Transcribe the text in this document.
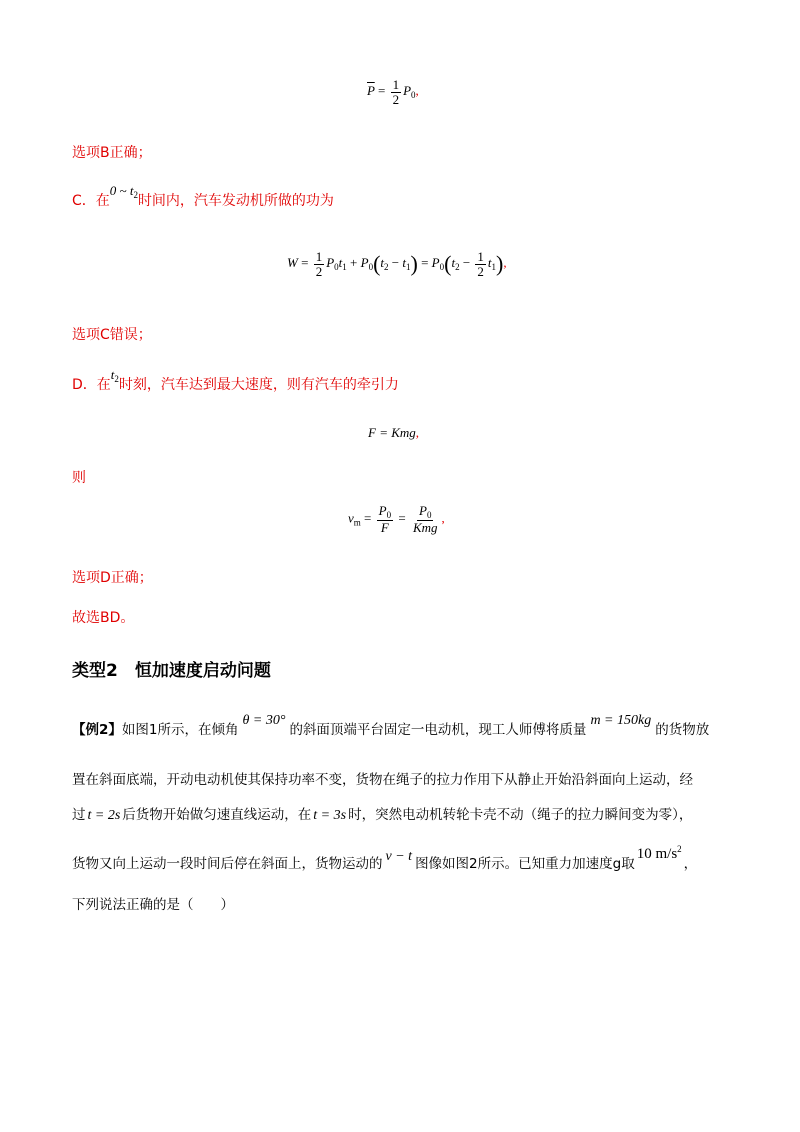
$\overline{P} = \frac{1}{2} P_0$,
选项B正确；
C．在0 ~ $t_2$时间内，汽车发动机所做的功为
$W = \frac{1}{2} P_0t_1 + P_0(t_2 - t_1) = P_0(t_2 - \frac{1}{2} t_1)$,
选项C错误；
D．在$t_2$时刻，汽车达到最大速度，则有汽车的牵引力
F = Kmg,
则
$v_m = \frac{P_0}{F} = \frac{P_0}{\text{Kmg}}$ ,
选项D正确；
故选BD。
类型2　恒加速度启动问题
【例2】如图1所示，在倾角θ = 30°的斜面顶端平台固定一电动机，现工人师傅将质量m = 150kg的货物放
置在斜面底端，开动电动机使其保持功率不变，货物在绳子的拉力作用下从静止开始沿斜面向上运动，经
过 t = 2s 后货物开始做匀速直线运动，在 t = 3s 时，突然电动机转轮卡壳不动（绳子的拉力瞬间变为零），
货物又向上运动一段时间后停在斜面上，货物运动的 v − t 图像如图2所示。已知重力加速度g取10 $m/s^2$，
下列说法正确的是（　　）
